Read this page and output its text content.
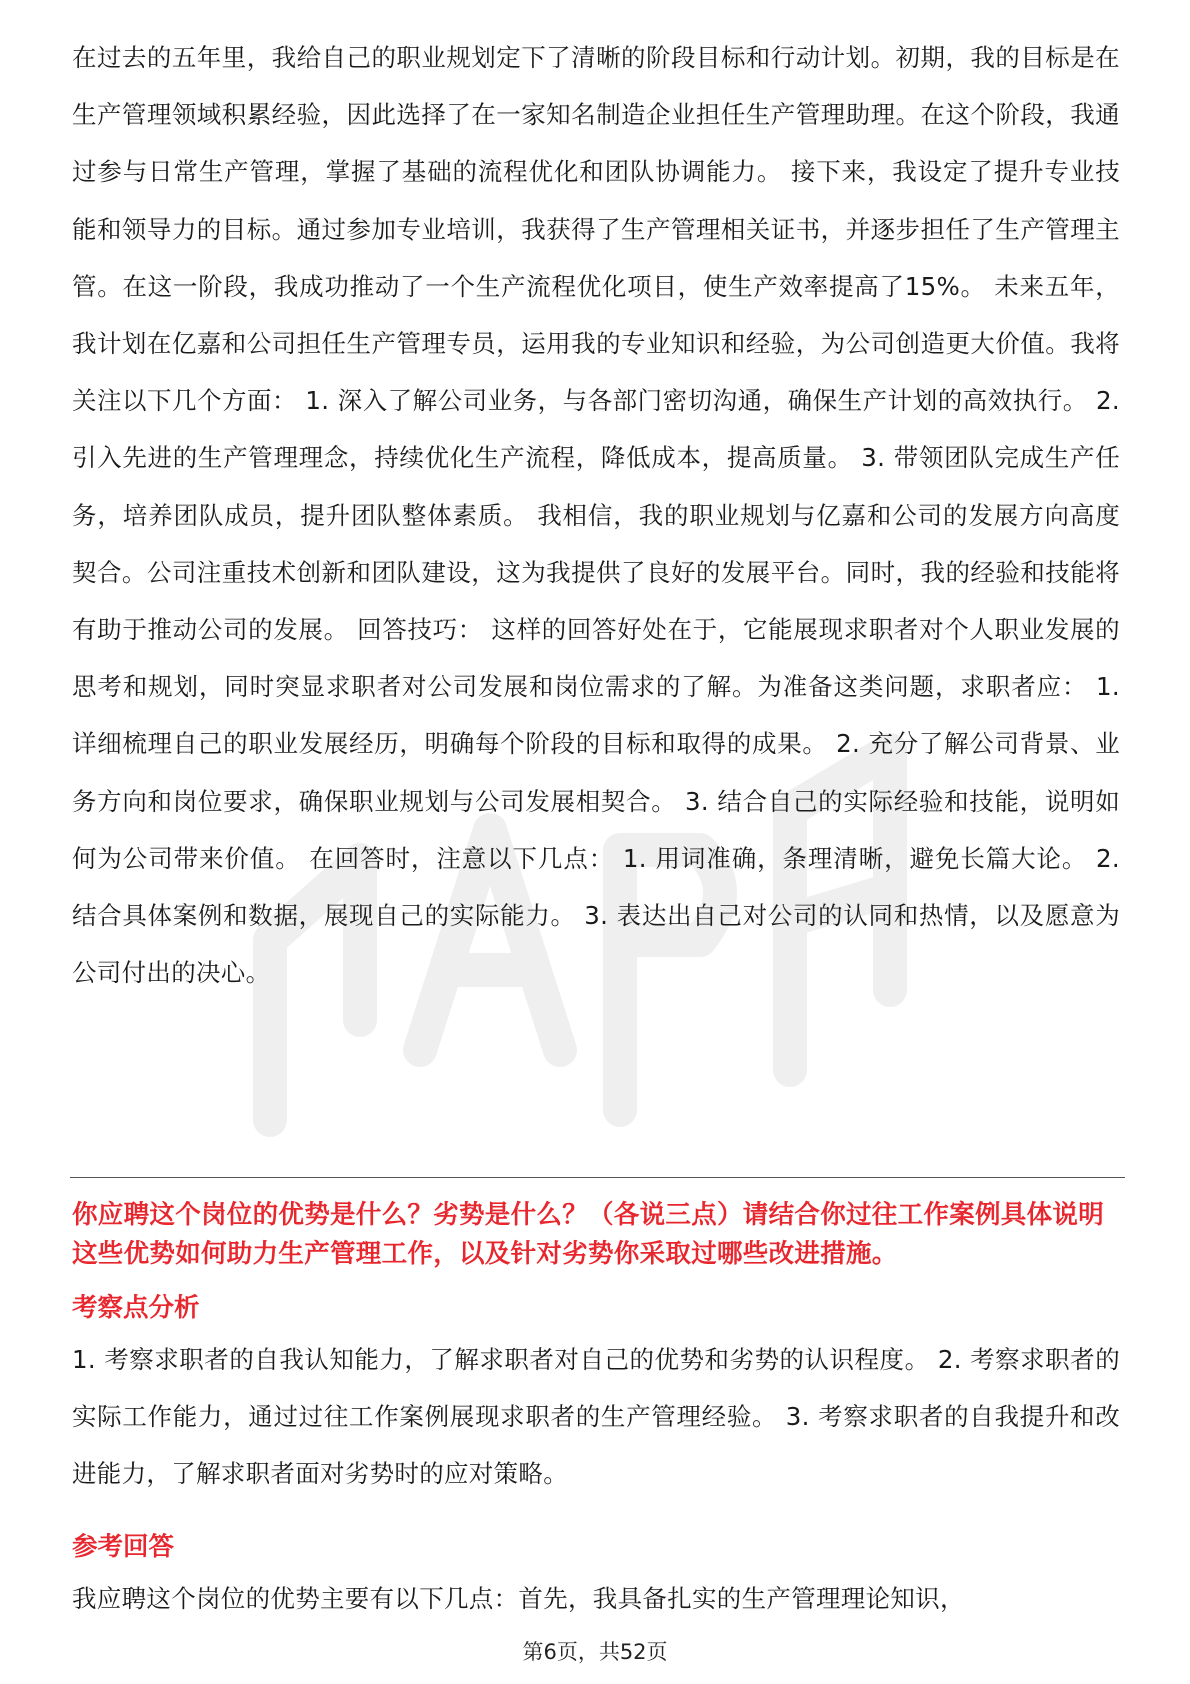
在过去的五年里，我给自己的职业规划定下了清晰的阶段目标和行动计划。初期，我的目标是在生产管理领域积累经验，因此选择了在一家知名制造企业担任生产管理助理。在这个阶段，我通过参与日常生产管理，掌握了基础的流程优化和团队协调能力。 接下来，我设定了提升专业技能和领导力的目标。通过参加专业培训，我获得了生产管理相关证书，并逐步担任了生产管理主管。在这一阶段，我成功推动了一个生产流程优化项目，使生产效率提高了15%。 未来五年，我计划在亿嘉和公司担任生产管理专员，运用我的专业知识和经验，为公司创造更大价值。我将关注以下几个方面： 1. 深入了解公司业务，与各部门密切沟通，确保生产计划的高效执行。 2. 引入先进的生产管理理念，持续优化生产流程，降低成本，提高质量。 3. 带领团队完成生产任务，培养团队成员，提升团队整体素质。 我相信，我的职业规划与亿嘉和公司的发展方向高度契合。公司注重技术创新和团队建设，这为我提供了良好的发展平台。同时，我的经验和技能将有助于推动公司的发展。 回答技巧： 这样的回答好处在于，它能展现求职者对个人职业发展的思考和规划，同时突显求职者对公司发展和岗位需求的了解。为准备这类问题，求职者应： 1. 详细梳理自己的职业发展经历，明确每个阶段的目标和取得的成果。 2. 充分了解公司背景、业务方向和岗位要求，确保职业规划与公司发展相契合。 3. 结合自己的实际经验和技能，说明如何为公司带来价值。 在回答时，注意以下几点： 1. 用词准确，条理清晰，避免长篇大论。 2. 结合具体案例和数据，展现自己的实际能力。 3. 表达出自己对公司的认同和热情，以及愿意为公司付出的决心。

你应聘这个岗位的优势是什么？劣势是什么？（各说三点）请结合你过往工作案例具体说明这些优势如何助力生产管理工作，以及针对劣势你采取过哪些改进措施。

考察点分析

1. 考察求职者的自我认知能力，了解求职者对自己的优势和劣势的认识程度。 2. 考察求职者的实际工作能力，通过过往工作案例展现求职者的生产管理经验。 3. 考察求职者的自我提升和改进能力，了解求职者面对劣势时的应对策略。

参考回答

我应聘这个岗位的优势主要有以下几点：首先，我具备扎实的生产管理理论知识，

第6页，共52页
